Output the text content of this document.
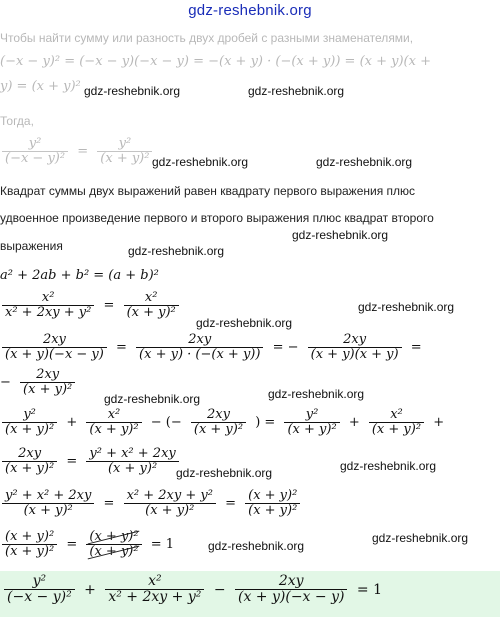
gdz-reshebnik.org
Чтобы найти сумму или разность двух дробей с разными знаменателями,
(−x − y)² = (−x − y)(−x − y) = −(x + y) · (−(x + y)) = (x + y)(x +
y) = (x + y)² gdz-reshebnik.org	gdz-reshebnik.org
Тогда,
$\frac{\text{y²}}{\text{(−x − y)²}} = \frac{\text{y²}}{\text{(x + y)²}}$ gdz-reshebnik.org	gdz-reshebnik.org
Квадрат суммы двух выражений равен квадрату первого выражения плюс
удвоенное произведение первого и второго выражения плюс квадрат второго
gdz-reshebnik.org
выражения	gdz-reshebnik.org
a² + 2ab + b² = (a + b)²
$\frac{\text{x²}}{\text{x² + 2xy + y²}} = \frac{\text{x²}}{\text{(x + y)²}}$	gdz-reshebnik.org
gdz-reshebnik.org
$\frac{2xy}{(x + y)(-x - y)} = \frac{2xy}{(x + y) \cdot (-(x + y))}$ = − $\frac{2xy}{(x + y)(x + y)}$ =
− $\frac{2xy}{\text{(x + y)²}}$
gdz-reshebnik.org	gdz-reshebnik.org
$\frac{\text{y²}}{\text{(x + y)²}} + \frac{\text{x²}}{\text{(x + y)²}}$ − (− $\frac{2xy}{\text{(x + y)²}}$ ) = $\frac{\text{y²}}{\text{(x + y)²}} + \frac{\text{x²}}{\text{(x + y)²}}$ +
$\frac{2xy}{\text{(x + y)²}} = \frac{\text{y² + x² + 2xy}}{\text{(x + y)²}}$
gdz-reshebnik.org	gdz-reshebnik.org
$\frac{\text{y² + x² + 2xy}}{\text{(x + y)²}} = \frac{\text{x² + 2xy + y²}}{\text{(x + y)²}} = \frac{\text{(x + y)²}}{\text{(x + y)²}}$
$\frac{\text{(x + y)²}}{\text{(x + y)²}} = \frac{\text{(x + y)²}}{\text{(x + y)²}} = 1$	gdz-reshebnik.org
gdz-reshebnik.org
$\frac{\text{y²}}{\text{(−x − y)²}} + \frac{\text{x²}}{\text{x² + 2xy + y²}} - \frac{2xy}{(x + y)(-x - y)} = 1$
